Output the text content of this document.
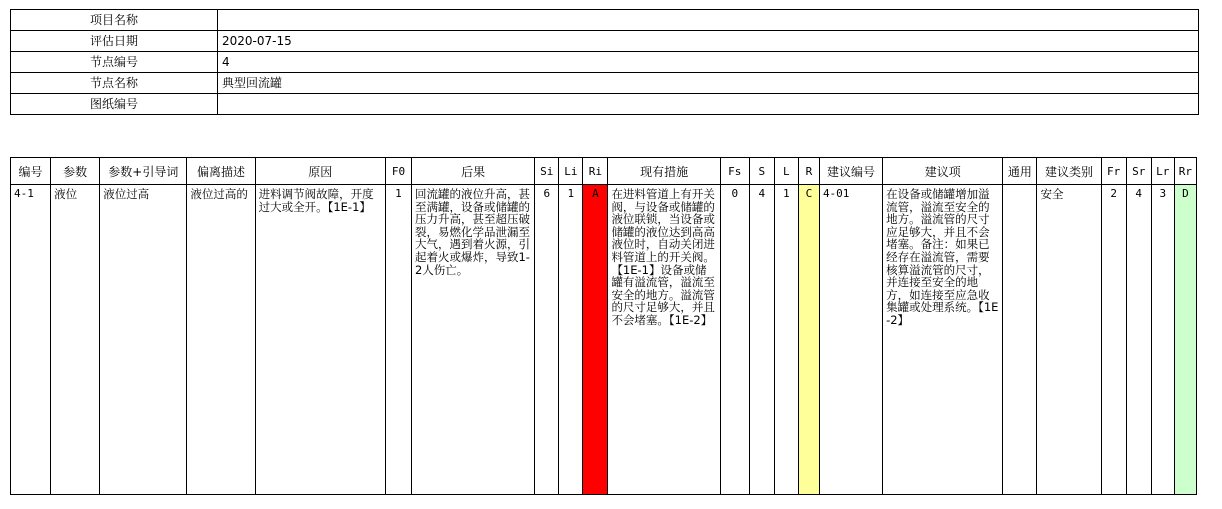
项目名称	
评估日期	2020-07-15
节点编号	4
节点名称	典型回流罐
图纸编号	
编号	参数	参数+引导词	偏离描述	原因	F0	后果	Si	Li	Ri	现有措施	Fs	S	L	R	建议编号	建议项	通用	建议类别	Fr	Sr	Lr	Rr
4-1	液位	液位过高	液位过高的	进料调节阀故障，开度过大或全开。【1E-1】	1	回流罐的液位升高，甚至满罐，设备或储罐的压力升高，甚至超压破裂，易燃化学品泄漏至大气，遇到着火源，引起着火或爆炸，导致1-2人伤亡。	6	1	A	在进料管道上有开关阀，与设备或储罐的液位联锁，当设备或储罐的液位达到高高液位时，自动关闭进料管道上的开关阀。【1E-1】设备或储罐有溢流管，溢流至安全的地方。溢流管的尺寸足够大，并且不会堵塞。【1E-2】	0	4	1	C	4-01	在设备或储罐增加溢流管，溢流至安全的地方。溢流管的尺寸应足够大，并且不会堵塞。备注：如果已经存在溢流管，需要核算溢流管的尺寸，并连接至安全的地方，如连接至应急收集罐或处理系统。【1E-2】		安全	2	4	3	D
